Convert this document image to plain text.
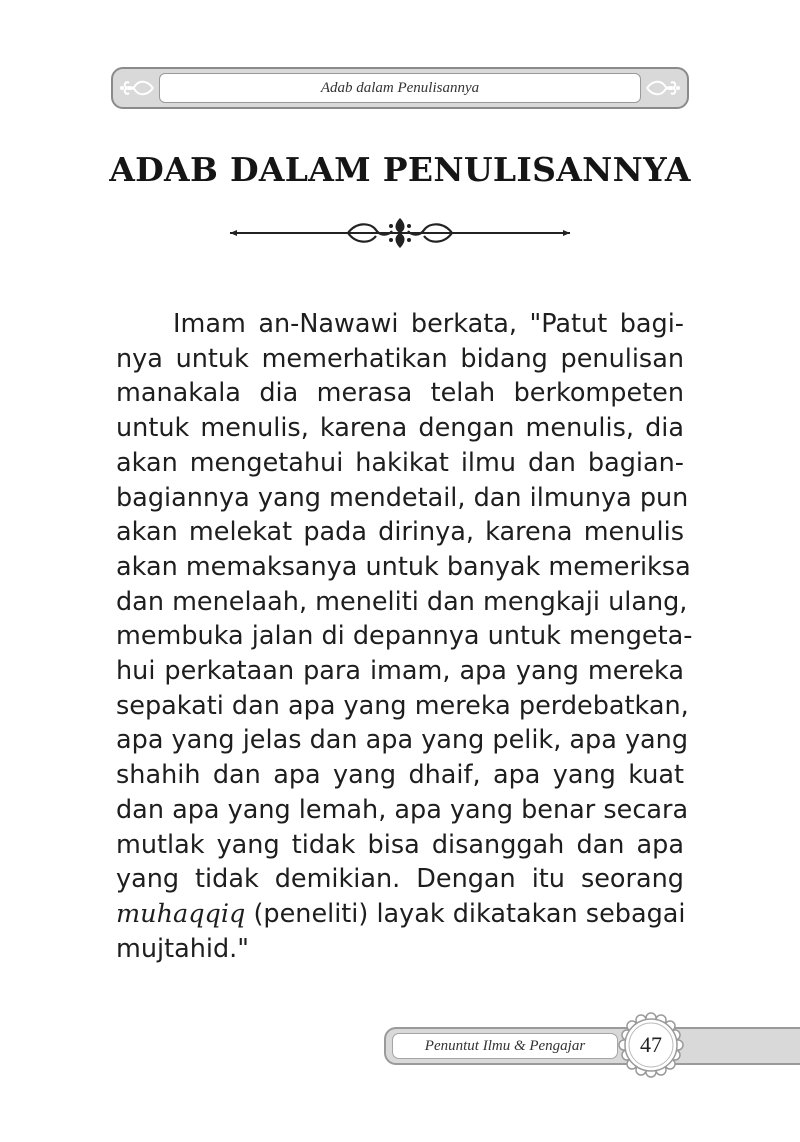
Adab dalam Penulisannya
ADAB DALAM PENULISANNYA
Imam an-Nawawi berkata, "Patut bagi-
nya untuk memerhatikan bidang penulisan
manakala dia merasa telah berkompeten
untuk menulis, karena dengan menulis, dia
akan mengetahui hakikat ilmu dan bagian-
bagiannya yang mendetail, dan ilmunya pun
akan melekat pada dirinya, karena menulis
akan memaksanya untuk banyak memeriksa
dan menelaah, meneliti dan mengkaji ulang,
membuka jalan di depannya untuk mengeta-
hui perkataan para imam, apa yang mereka
sepakati dan apa yang mereka perdebatkan,
apa yang jelas dan apa yang pelik, apa yang
shahih dan apa yang dhaif, apa yang kuat
dan apa yang lemah, apa yang benar secara
mutlak yang tidak bisa disanggah dan apa
yang tidak demikian. Dengan itu seorang
muhaqqiq (peneliti) layak dikatakan sebagai
mujtahid."
Penuntut Ilmu & Pengajar	47
